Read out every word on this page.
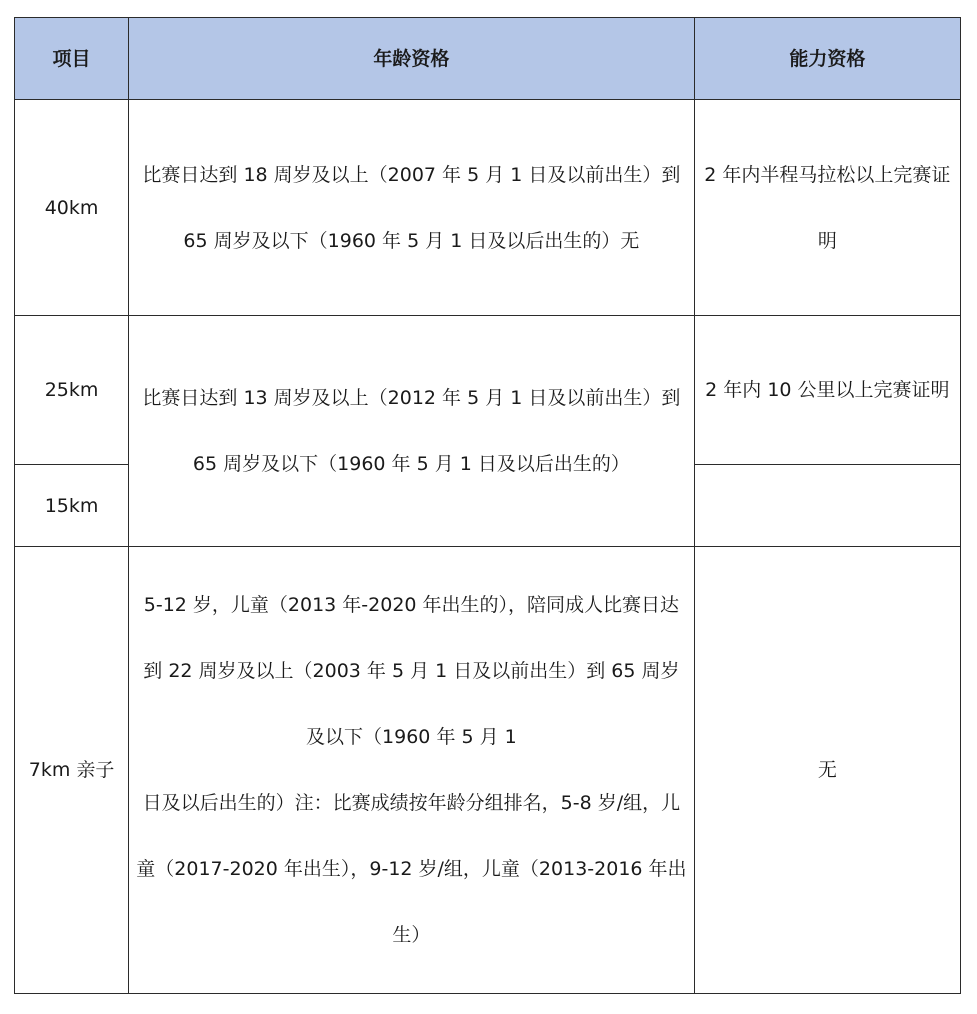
项目	年龄资格	能力资格
40km	比赛日达到 18 周岁及以上（2007 年 5 月 1 日及以前出生）到 65 周岁及以下（1960 年 5 月 1 日及以后出生的）无	2 年内半程马拉松以上完赛证明
25km	比赛日达到 13 周岁及以上（2012 年 5 月 1 日及以前出生）到 65 周岁及以下（1960 年 5 月 1 日及以后出生的）	2 年内 10 公里以上完赛证明
15km		
7km 亲子	5-12 岁，儿童（2013 年-2020 年出生的），陪同成人比赛日达到 22 周岁及以上（2003 年 5 月 1 日及以前出生）到 65 周岁及以下（1960 年 5 月 1
日及以后出生的）注：比赛成绩按年龄分组排名，5-8 岁/组，儿童（2017-2020 年出生），9-12 岁/组，儿童（2013-2016 年出生）	无
